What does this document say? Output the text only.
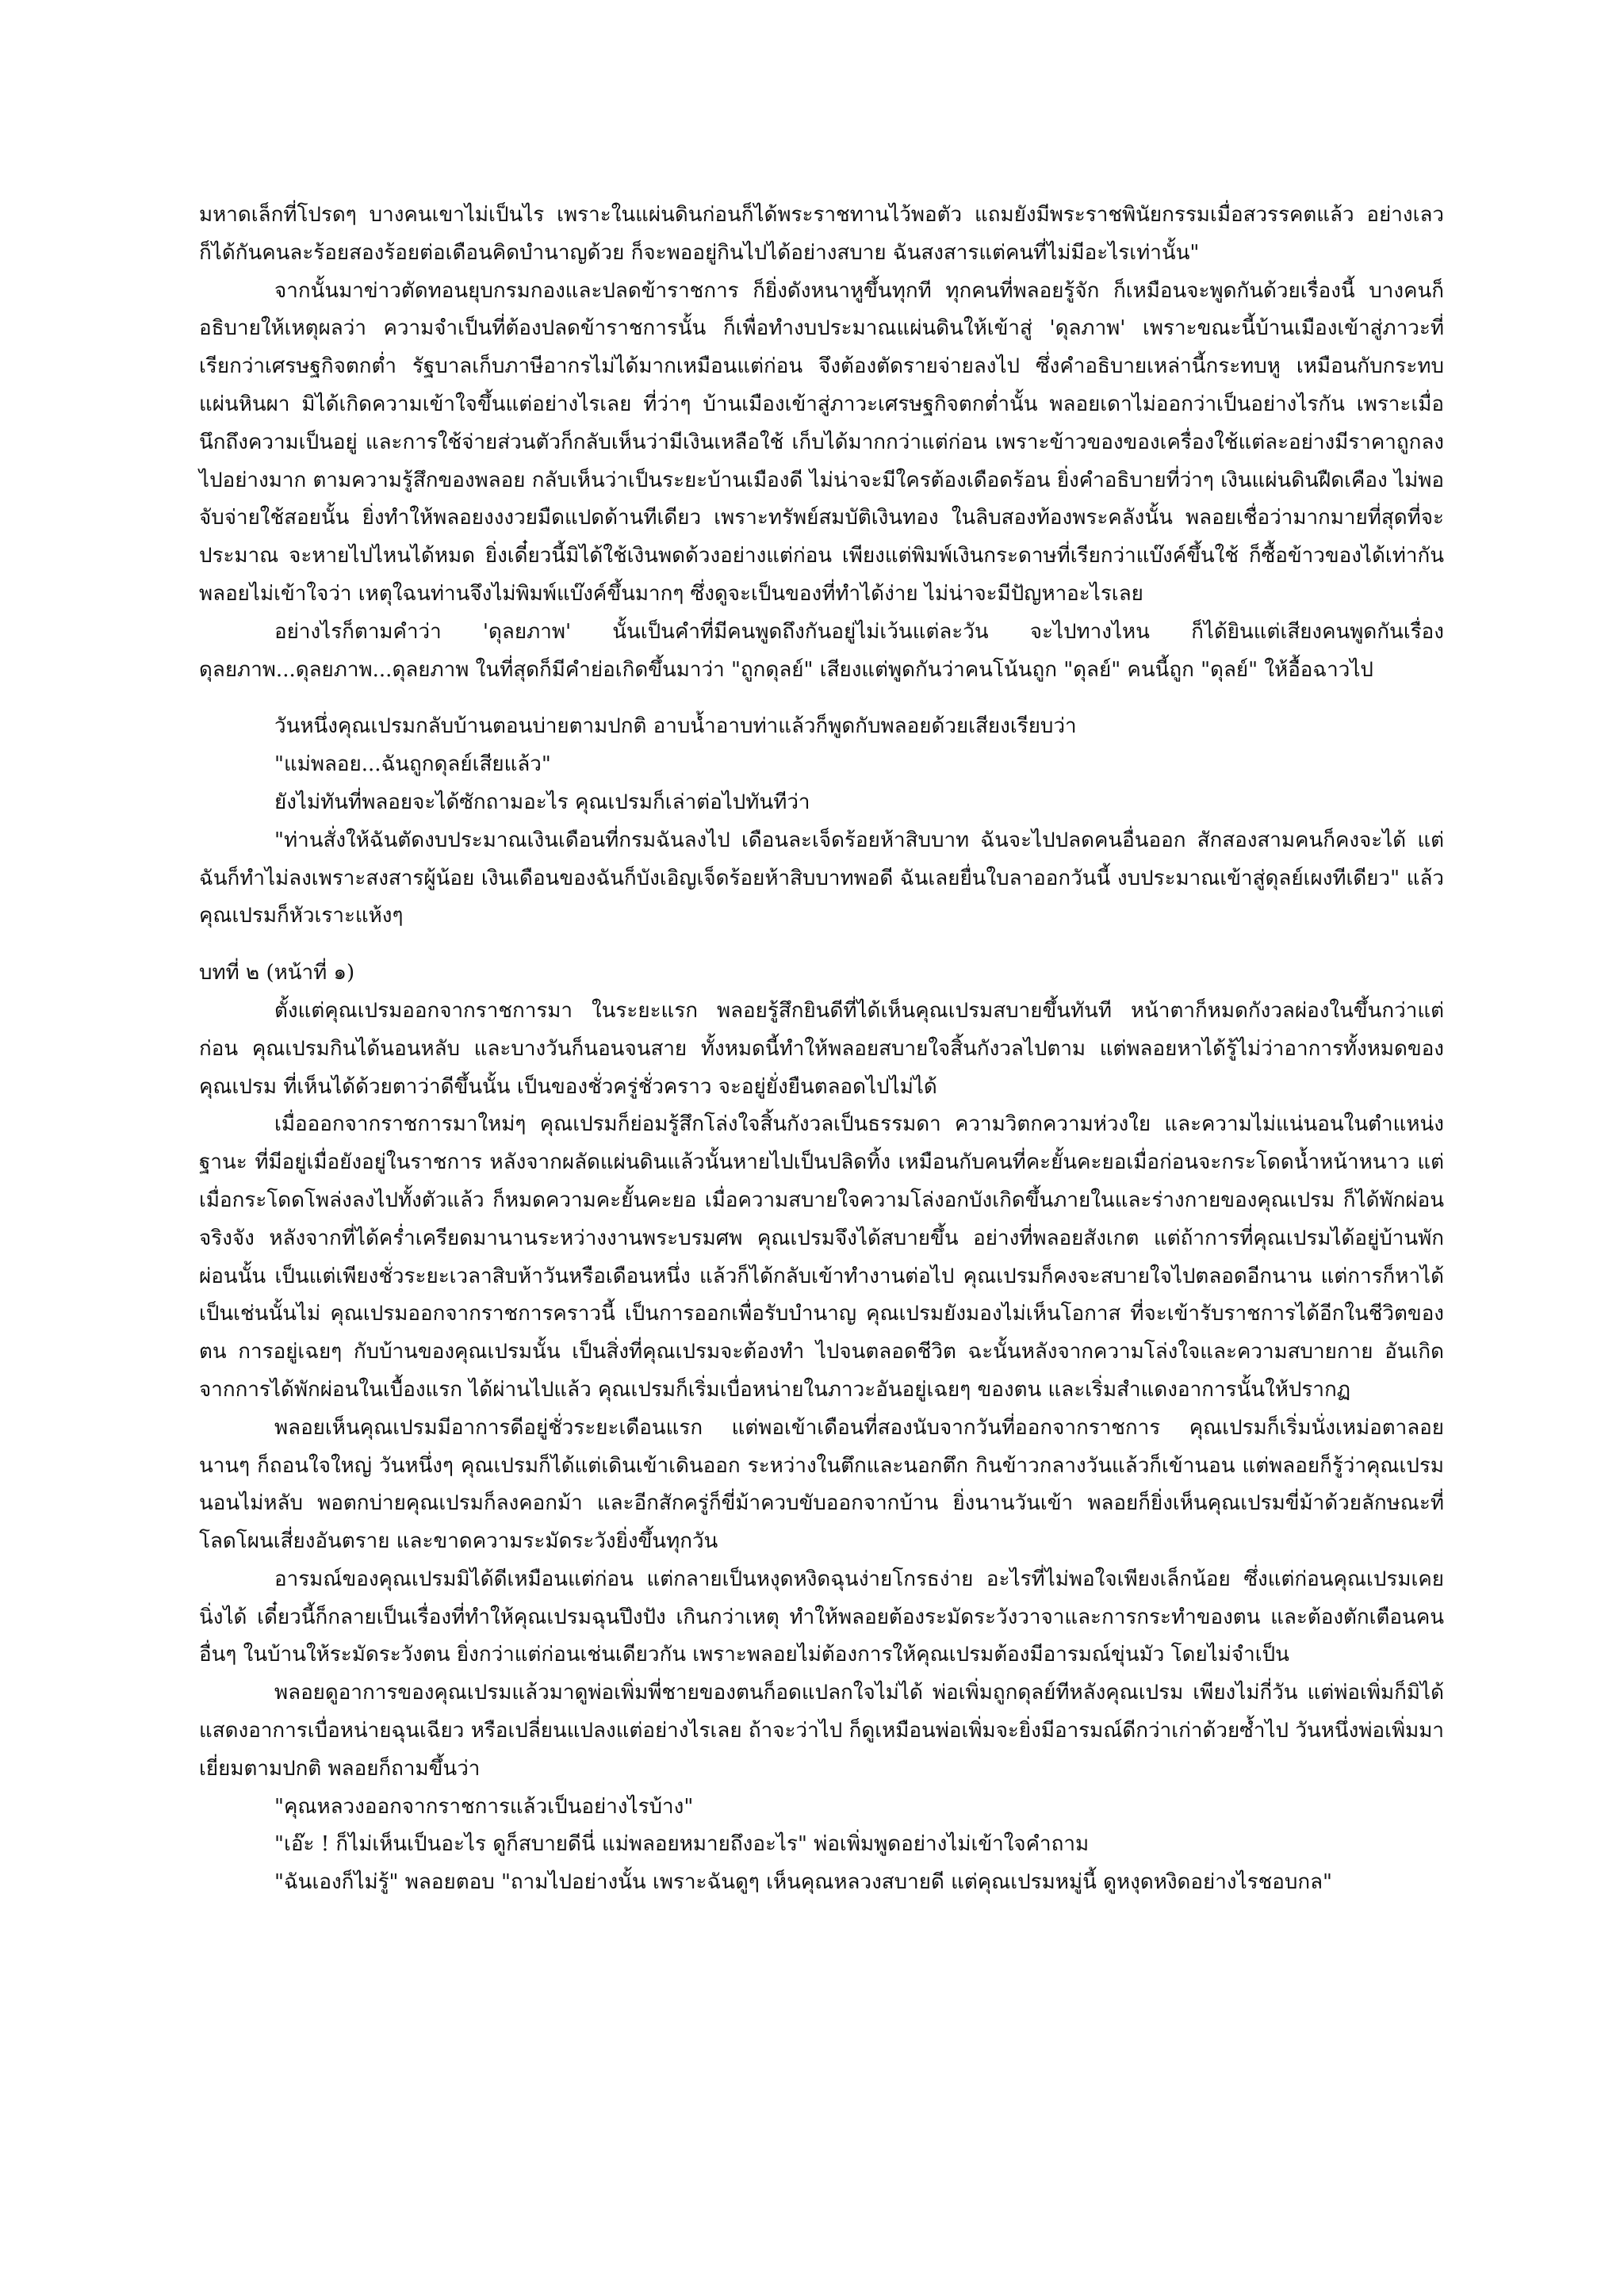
มหาดเล็กที่โปรดๆ บางคนเขาไม่เป็นไร เพราะในแผ่นดินก่อนก็ได้พระราชทานไว้พอตัว แถมยังมีพระราชพินัยกรรมเมื่อสวรรคตแล้ว อย่างเลวก็ได้กันคนละร้อยสองร้อยต่อเดือนคิดบำนาญด้วย ก็จะพออยู่กินไปได้อย่างสบาย ฉันสงสารแต่คนที่ไม่มีอะไรเท่านั้น"

จากนั้นมาข่าวตัดทอนยุบกรมกองและปลดข้าราชการ ก็ยิ่งดังหนาหูขึ้นทุกที ทุกคนที่พลอยรู้จัก ก็เหมือนจะพูดกันด้วยเรื่องนี้ บางคนก็อธิบายให้เหตุผลว่า ความจำเป็นที่ต้องปลดข้าราชการนั้น ก็เพื่อทำงบประมาณแผ่นดินให้เข้าสู่ 'ดุลภาพ' เพราะขณะนี้บ้านเมืองเข้าสู่ภาวะที่เรียกว่าเศรษฐกิจตกต่ำ รัฐบาลเก็บภาษีอากรไม่ได้มากเหมือนแต่ก่อน จึงต้องตัดรายจ่ายลงไป ซึ่งคำอธิบายเหล่านี้กระทบหู เหมือนกับกระทบแผ่นหินผา มิได้เกิดความเข้าใจขึ้นแต่อย่างไรเลย ที่ว่าๆ บ้านเมืองเข้าสู่ภาวะเศรษฐกิจตกต่ำนั้น พลอยเดาไม่ออกว่าเป็นอย่างไรกัน เพราะเมื่อนึกถึงความเป็นอยู่ และการใช้จ่ายส่วนตัวก็กลับเห็นว่ามีเงินเหลือใช้ เก็บได้มากกว่าแต่ก่อน เพราะข้าวของของเครื่องใช้แต่ละอย่างมีราคาถูกลงไปอย่างมาก ตามความรู้สึกของพลอย กลับเห็นว่าเป็นระยะบ้านเมืองดี ไม่น่าจะมีใครต้องเดือดร้อน ยิ่งคำอธิบายที่ว่าๆ เงินแผ่นดินฝืดเคือง ไม่พอจับจ่ายใช้สอยนั้น ยิ่งทำให้พลอยงงงวยมืดแปดด้านทีเดียว เพราะทรัพย์สมบัติเงินทอง ในลิบสองท้องพระคลังนั้น พลอยเชื่อว่ามากมายที่สุดที่จะประมาณ จะหายไปไหนได้หมด ยิ่งเดี๋ยวนี้มิได้ใช้เงินพดด้วงอย่างแต่ก่อน เพียงแต่พิมพ์เงินกระดาษที่เรียกว่าแบ๊งค์ขึ้นใช้ ก็ซื้อข้าวของได้เท่ากัน พลอยไม่เข้าใจว่า เหตุใฉนท่านจึงไม่พิมพ์แบ๊งค์ขึ้นมากๆ ซึ่งดูจะเป็นของที่ทำได้ง่าย ไม่น่าจะมีปัญหาอะไรเลย

อย่างไรก็ตามคำว่า 'ดุลยภาพ' นั้นเป็นคำที่มีคนพูดถึงกันอยู่ไม่เว้นแต่ละวัน จะไปทางไหน ก็ได้ยินแต่เสียงคนพูดกันเรื่องดุลยภาพ...ดุลยภาพ...ดุลยภาพ ในที่สุดก็มีคำย่อเกิดขึ้นมาว่า "ถูกดุลย์" เสียงแต่พูดกันว่าคนโน้นถูก "ดุลย์" คนนี้ถูก "ดุลย์" ให้อื้อฉาวไป

วันหนึ่งคุณเปรมกลับบ้านตอนบ่ายตามปกติ อาบน้ำอาบท่าแล้วก็พูดกับพลอยด้วยเสียงเรียบว่า

"แม่พลอย...ฉันถูกดุลย์เสียแล้ว"

ยังไม่ทันที่พลอยจะได้ซักถามอะไร คุณเปรมก็เล่าต่อไปทันทีว่า

"ท่านสั่งให้ฉันตัดงบประมาณเงินเดือนที่กรมฉันลงไป เดือนละเจ็ดร้อยห้าสิบบาท ฉันจะไปปลดคนอื่นออก สักสองสามคนก็คงจะได้ แต่ฉันก็ทำไม่ลงเพราะสงสารผู้น้อย เงินเดือนของฉันก็บังเอิญเจ็ดร้อยห้าสิบบาทพอดี ฉันเลยยื่นใบลาออกวันนี้ งบประมาณเข้าสู่ดุลย์เผงทีเดียว" แล้วคุณเปรมก็หัวเราะแห้งๆ

บทที่ ๒ (หน้าที่ ๑)

ตั้งแต่คุณเปรมออกจากราชการมา ในระยะแรก พลอยรู้สึกยินดีที่ได้เห็นคุณเปรมสบายขึ้นทันที หน้าตาก็หมดกังวลผ่องในขึ้นกว่าแต่ก่อน คุณเปรมกินได้นอนหลับ และบางวันก็นอนจนสาย ทั้งหมดนี้ทำให้พลอยสบายใจสิ้นกังวลไปตาม แต่พลอยหาได้รู้ไม่ว่าอาการทั้งหมดของคุณเปรม ที่เห็นได้ด้วยตาว่าดีขึ้นนั้น เป็นของชั่วครู่ชั่วคราว จะอยู่ยั่งยืนตลอดไปไม่ได้

เมื่อออกจากราชการมาใหม่ๆ คุณเปรมก็ย่อมรู้สึกโล่งใจสิ้นกังวลเป็นธรรมดา ความวิตกความห่วงใย และความไม่แน่นอนในตำแหน่งฐานะ ที่มีอยู่เมื่อยังอยู่ในราชการ หลังจากผลัดแผ่นดินแล้วนั้นหายไปเป็นปลิดทิ้ง เหมือนกับคนที่คะยั้นคะยอเมื่อก่อนจะกระโดดน้ำหน้าหนาว แต่เมื่อกระโดดโพล่งลงไปทั้งตัวแล้ว ก็หมดความคะยั้นคะยอ เมื่อความสบายใจความโล่งอกบังเกิดขึ้นภายในและร่างกายของคุณเปรม ก็ได้พักผ่อนจริงจัง หลังจากที่ได้คร่ำเครียดมานานระหว่างงานพระบรมศพ คุณเปรมจึงได้สบายขึ้น อย่างที่พลอยสังเกต แต่ถ้าการที่คุณเปรมได้อยู่บ้านพักผ่อนนั้น เป็นแต่เพียงชั่วระยะเวลาสิบห้าวันหรือเดือนหนึ่ง แล้วก็ได้กลับเข้าทำงานต่อไป คุณเปรมก็คงจะสบายใจไปตลอดอีกนาน แต่การก็หาได้เป็นเช่นนั้นไม่ คุณเปรมออกจากราชการคราวนี้ เป็นการออกเพื่อรับบำนาญ คุณเปรมยังมองไม่เห็นโอกาส ที่จะเข้ารับราชการได้อีกในชีวิตของตน การอยู่เฉยๆ กับบ้านของคุณเปรมนั้น เป็นสิ่งที่คุณเปรมจะต้องทำ ไปจนตลอดชีวิต ฉะนั้นหลังจากความโล่งใจและความสบายกาย อันเกิดจากการได้พักผ่อนในเบื้องแรก ได้ผ่านไปแล้ว คุณเปรมก็เริ่มเบื่อหน่ายในภาวะอันอยู่เฉยๆ ของตน และเริ่มสำแดงอาการนั้นให้ปรากฏ

พลอยเห็นคุณเปรมมีอาการดีอยู่ชั่วระยะเดือนแรก แต่พอเข้าเดือนที่สองนับจากวันที่ออกจากราชการ คุณเปรมก็เริ่มนั่งเหม่อตาลอย นานๆ ก็ถอนใจใหญ่ วันหนึ่งๆ คุณเปรมก็ได้แต่เดินเข้าเดินออก ระหว่างในตึกและนอกตึก กินข้าวกลางวันแล้วก็เข้านอน แต่พลอยก็รู้ว่าคุณเปรมนอนไม่หลับ พอตกบ่ายคุณเปรมก็ลงคอกม้า และอีกสักครู่ก็ขี่ม้าควบขับออกจากบ้าน ยิ่งนานวันเข้า พลอยก็ยิ่งเห็นคุณเปรมขี่ม้าด้วยลักษณะที่โลดโผนเสี่ยงอันตราย และขาดความระมัดระวังยิ่งขึ้นทุกวัน

อารมณ์ของคุณเปรมมิได้ดีเหมือนแต่ก่อน แต่กลายเป็นหงุดหงิดฉุนง่ายโกรธง่าย อะไรที่ไม่พอใจเพียงเล็กน้อย ซึ่งแต่ก่อนคุณเปรมเคยนิ่งได้ เดี๋ยวนี้ก็กลายเป็นเรื่องที่ทำให้คุณเปรมฉุนปึงปัง เกินกว่าเหตุ ทำให้พลอยต้องระมัดระวังวาจาและการกระทำของตน และต้องตักเตือนคนอื่นๆ ในบ้านให้ระมัดระวังตน ยิ่งกว่าแต่ก่อนเช่นเดียวกัน เพราะพลอยไม่ต้องการให้คุณเปรมต้องมีอารมณ์ขุ่นมัว โดยไม่จำเป็น

พลอยดูอาการของคุณเปรมแล้วมาดูพ่อเพิ่มพี่ชายของตนก็อดแปลกใจไม่ได้ พ่อเพิ่มถูกดุลย์ทีหลังคุณเปรม เพียงไม่กี่วัน แต่พ่อเพิ่มก็มิได้แสดงอาการเบื่อหน่ายฉุนเฉียว หรือเปลี่ยนแปลงแต่อย่างไรเลย ถ้าจะว่าไป ก็ดูเหมือนพ่อเพิ่มจะยิ่งมีอารมณ์ดีกว่าเก่าด้วยซ้ำไป วันหนึ่งพ่อเพิ่มมาเยี่ยมตามปกติ พลอยก็ถามขึ้นว่า

"คุณหลวงออกจากราชการแล้วเป็นอย่างไรบ้าง"

"เอ๊ะ ! ก็ไม่เห็นเป็นอะไร ดูก็สบายดีนี่ แม่พลอยหมายถึงอะไร" พ่อเพิ่มพูดอย่างไม่เข้าใจคำถาม

"ฉันเองก็ไม่รู้" พลอยตอบ "ถามไปอย่างนั้น เพราะฉันดูๆ เห็นคุณหลวงสบายดี แต่คุณเปรมหมู่นี้ ดูหงุดหงิดอย่างไรชอบกล"
